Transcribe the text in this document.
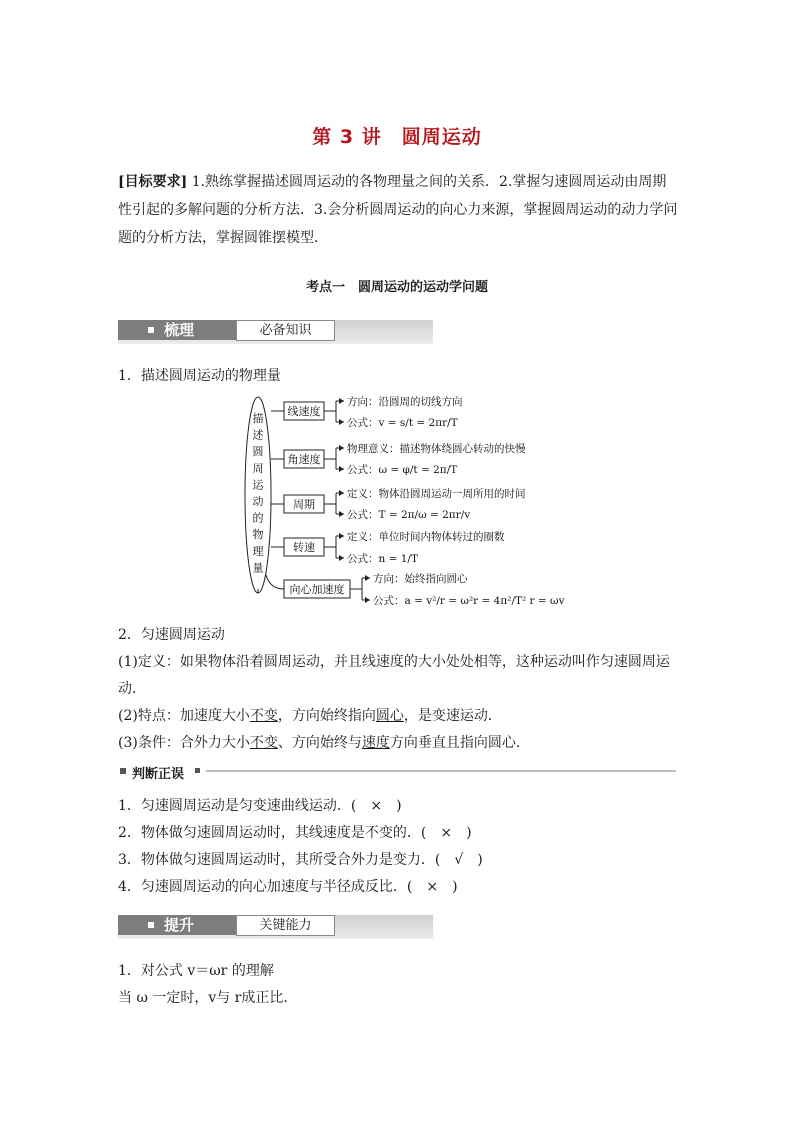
第 3 讲　圆周运动
[目标要求] 1.熟练掌握描述圆周运动的各物理量之间的关系．2.掌握匀速圆周运动由周期性引起的多解问题的分析方法．3.会分析圆周运动的向心力来源，掌握圆周运动的动力学问题的分析方法，掌握圆锥摆模型．
考点一　圆周运动的运动学问题
梳理	必备知识
1．描述圆周运动的物理量
描
述
圆
周
运
动
的
物
理
量
线速度
角速度
周期
转速
向心加速度
方向：沿圆周的切线方向
公式：v = s/t = 2πr/T
物理意义：描述物体绕圆心转动的快慢
公式：ω = φ/t = 2π/T
定义：物体沿圆周运动一周所用的时间
公式：T = 2π/ω = 2πr/v
定义：单位时间内物体转过的圈数
公式：n = 1/T
方向：始终指向圆心
公式：a = v²/r = ω²r = 4π²/T² r = ωv
2．匀速圆周运动
(1)定义：如果物体沿着圆周运动，并且线速度的大小处处相等，这种运动叫作匀速圆周运
动．
(2)特点：加速度大小不变，方向始终指向圆心，是变速运动．
(3)条件：合外力大小不变、方向始终与速度方向垂直且指向圆心．
判断正误
1．匀速圆周运动是匀变速曲线运动．(　×　)
2．物体做匀速圆周运动时，其线速度是不变的．(　×　)
3．物体做匀速圆周运动时，其所受合外力是变力．(　√　)
4．匀速圆周运动的向心加速度与半径成反比．(　×　)
提升	关键能力
1．对公式 v＝ωr 的理解
当 ω 一定时，v与 r成正比．
